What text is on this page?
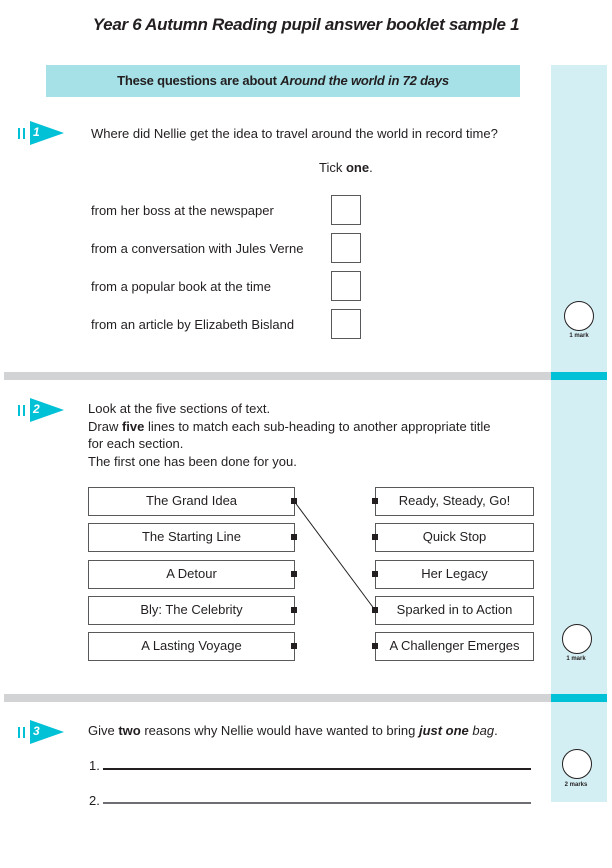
Year 6 Autumn Reading pupil answer booklet sample 1
These questions are about Around the world in 72 days
1	Where did Nellie get the idea to travel around the world in record time?
Tick one.
from her boss at the newspaper
from a conversation with Jules Verne
from a popular book at the time
from an article by Elizabeth Bisland
1 mark
2	Look at the five sections of text.
Draw five lines to match each sub-heading to another appropriate title
for each section.
The first one has been done for you.
The Grand Idea
The Starting Line
A Detour
Bly: The Celebrity
A Lasting Voyage
Ready, Steady, Go!
Quick Stop
Her Legacy
Sparked in to Action
A Challenger Emerges
1 mark
3	Give two reasons why Nellie would have wanted to bring just one bag.
1.
2.
2 marks
